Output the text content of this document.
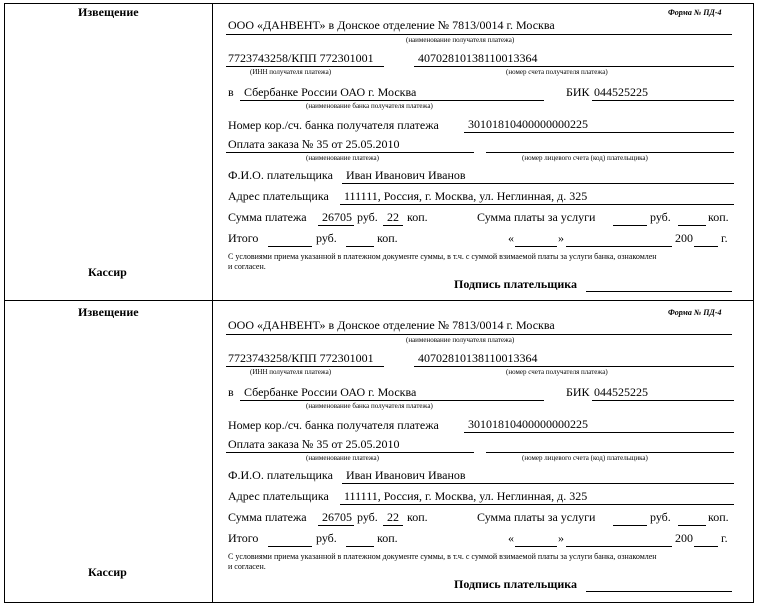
Извещение
Кассир
Форма № ПД-4
ООО «ДАНВЕНТ» в Донское отделение № 7813/0014 г. Москва
(наименование получателя платежа)
7723743258/КПП 772301001	40702810138110013364
(ИНН получателя платежа)	(номер счета получателя платежа)
в Сбербанке России ОАО г. Москва	БИК 044525225
(наименование банка получателя платежа)
Номер кор./сч. банка получателя платежа 30101810400000000225
Оплата заказа № 35 от 25.05.2010
(наименование платежа)	(номер лицевого счета (код) плательщика)
Ф.И.О. плательщика Иван Иванович Иванов
Адрес плательщика 111111, Россия, г. Москва, ул. Неглинная, д. 325
Сумма платежа 26705 руб. 22 коп.	Сумма платы за услуги	руб.	коп.
Итого	руб.	коп.	«	»	200 г.
С условиями приема указанной в платежном документе суммы, в т.ч. с суммой взимаемой платы за услуги банка, ознакомлен
и согласен.
Подпись плательщика
Извещение
Кассир
Форма № ПД-4
ООО «ДАНВЕНТ» в Донское отделение № 7813/0014 г. Москва
(наименование получателя платежа)
7723743258/КПП 772301001	40702810138110013364
(ИНН получателя платежа)	(номер счета получателя платежа)
в Сбербанке России ОАО г. Москва	БИК 044525225
(наименование банка получателя платежа)
Номер кор./сч. банка получателя платежа 30101810400000000225
Оплата заказа № 35 от 25.05.2010
(наименование платежа)	(номер лицевого счета (код) плательщика)
Ф.И.О. плательщика Иван Иванович Иванов
Адрес плательщика 111111, Россия, г. Москва, ул. Неглинная, д. 325
Сумма платежа 26705 руб. 22 коп.	Сумма платы за услуги	руб.	коп.
Итого	руб.	коп.	«	»	200 г.
С условиями приема указанной в платежном документе суммы, в т.ч. с суммой взимаемой платы за услуги банка, ознакомлен
и согласен.
Подпись плательщика
